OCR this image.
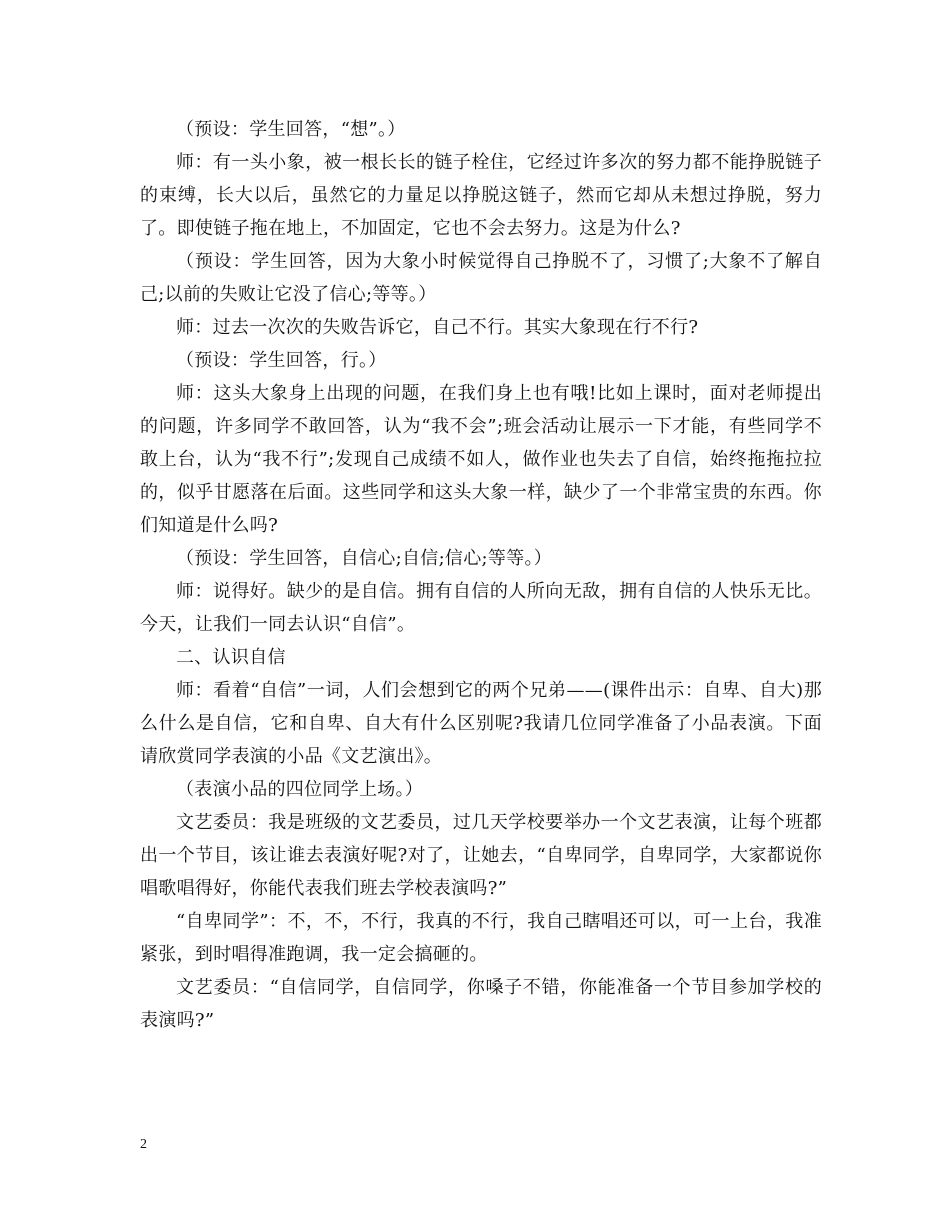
（预设：学生回答，“想”。）

师：有一头小象，被一根长长的链子栓住，它经过许多次的努力都不能挣脱链子的束缚，长大以后，虽然它的力量足以挣脱这链子，然而它却从未想过挣脱，努力了。即使链子拖在地上，不加固定，它也不会去努力。这是为什么?

（预设：学生回答，因为大象小时候觉得自己挣脱不了，习惯了;大象不了解自己;以前的失败让它没了信心;等等。）

师：过去一次次的失败告诉它，自己不行。其实大象现在行不行?

（预设：学生回答，行。）

师：这头大象身上出现的问题，在我们身上也有哦!比如上课时，面对老师提出的问题，许多同学不敢回答，认为“我不会”;班会活动让展示一下才能，有些同学不敢上台，认为“我不行”;发现自己成绩不如人，做作业也失去了自信，始终拖拖拉拉的，似乎甘愿落在后面。这些同学和这头大象一样，缺少了一个非常宝贵的东西。你们知道是什么吗?

（预设：学生回答，自信心;自信;信心;等等。）

师：说得好。缺少的是自信。拥有自信的人所向无敌，拥有自信的人快乐无比。今天，让我们一同去认识“自信”。

二、认识自信

师：看着“自信”一词，人们会想到它的两个兄弟——(课件出示：自卑、自大)那么什么是自信，它和自卑、自大有什么区别呢?我请几位同学准备了小品表演。下面请欣赏同学表演的小品《文艺演出》。

（表演小品的四位同学上场。）

文艺委员：我是班级的文艺委员，过几天学校要举办一个文艺表演，让每个班都出一个节目，该让谁去表演好呢?对了，让她去，“自卑同学，自卑同学，大家都说你唱歌唱得好，你能代表我们班去学校表演吗?”

“自卑同学”：不，不，不行，我真的不行，我自己瞎唱还可以，可一上台，我准紧张，到时唱得准跑调，我一定会搞砸的。

文艺委员：“自信同学，自信同学，你嗓子不错，你能准备一个节目参加学校的表演吗?”

2
